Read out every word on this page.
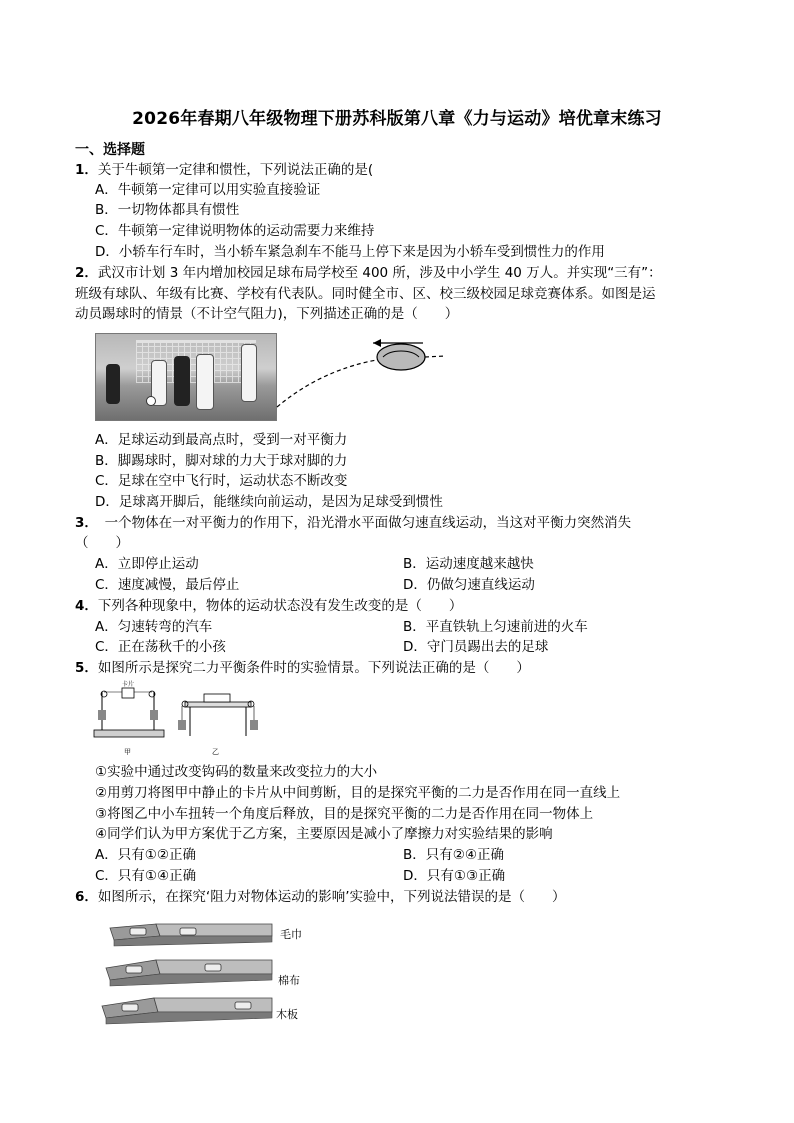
2026年春期八年级物理下册苏科版第八章《力与运动》培优章末练习
一、选择题
1．关于牛顿第一定律和惯性，下列说法正确的是(
A．牛顿第一定律可以用实验直接验证
B．一切物体都具有惯性
C．牛顿第一定律说明物体的运动需要力来维持
D．小轿车行车时，当小轿车紧急刹车不能马上停下来是因为小轿车受到惯性力的作用
2．武汉市计划 3 年内增加校园足球布局学校至 400 所，涉及中小学生 40 万人。并实现“三有”：
班级有球队、年级有比赛、学校有代表队。同时健全市、区、校三级校园足球竞赛体系。如图是运
动员踢球时的情景（不计空气阻力)，下列描述正确的是（　　）
A．足球运动到最高点时，受到一对平衡力
B．脚踢球时，脚对球的力大于球对脚的力
C．足球在空中飞行时，运动状态不断改变
D．足球离开脚后，能继续向前运动，是因为足球受到惯性
3．　一个物体在一对平衡力的作用下，沿光滑水平面做匀速直线运动，当这对平衡力突然消失
（　　）
A．立即停止运动	B．运动速度越来越快
C．速度减慢，最后停止	D．仍做匀速直线运动
4．下列各种现象中，物体的运动状态没有发生改变的是（　　）
A．匀速转弯的汽车	B．平直铁轨上匀速前进的火车
C．正在荡秋千的小孩	D．守门员踢出去的足球
5．如图所示是探究二力平衡条件时的实验情景。下列说法正确的是（　　）
卡片
甲	乙
①实验中通过改变钩码的数量来改变拉力的大小
②用剪刀将图甲中静止的卡片从中间剪断，目的是探究平衡的二力是否作用在同一直线上
③将图乙中小车扭转一个角度后释放，目的是探究平衡的二力是否作用在同一物体上
④同学们认为甲方案优于乙方案，主要原因是减小了摩擦力对实验结果的影响
A．只有①②正确	B．只有②④正确
C．只有①④正确	D．只有①③正确
6．如图所示，在探究‘阻力对物体运动的影响’实验中，下列说法错误的是（　　）
毛巾
棉布
木板
